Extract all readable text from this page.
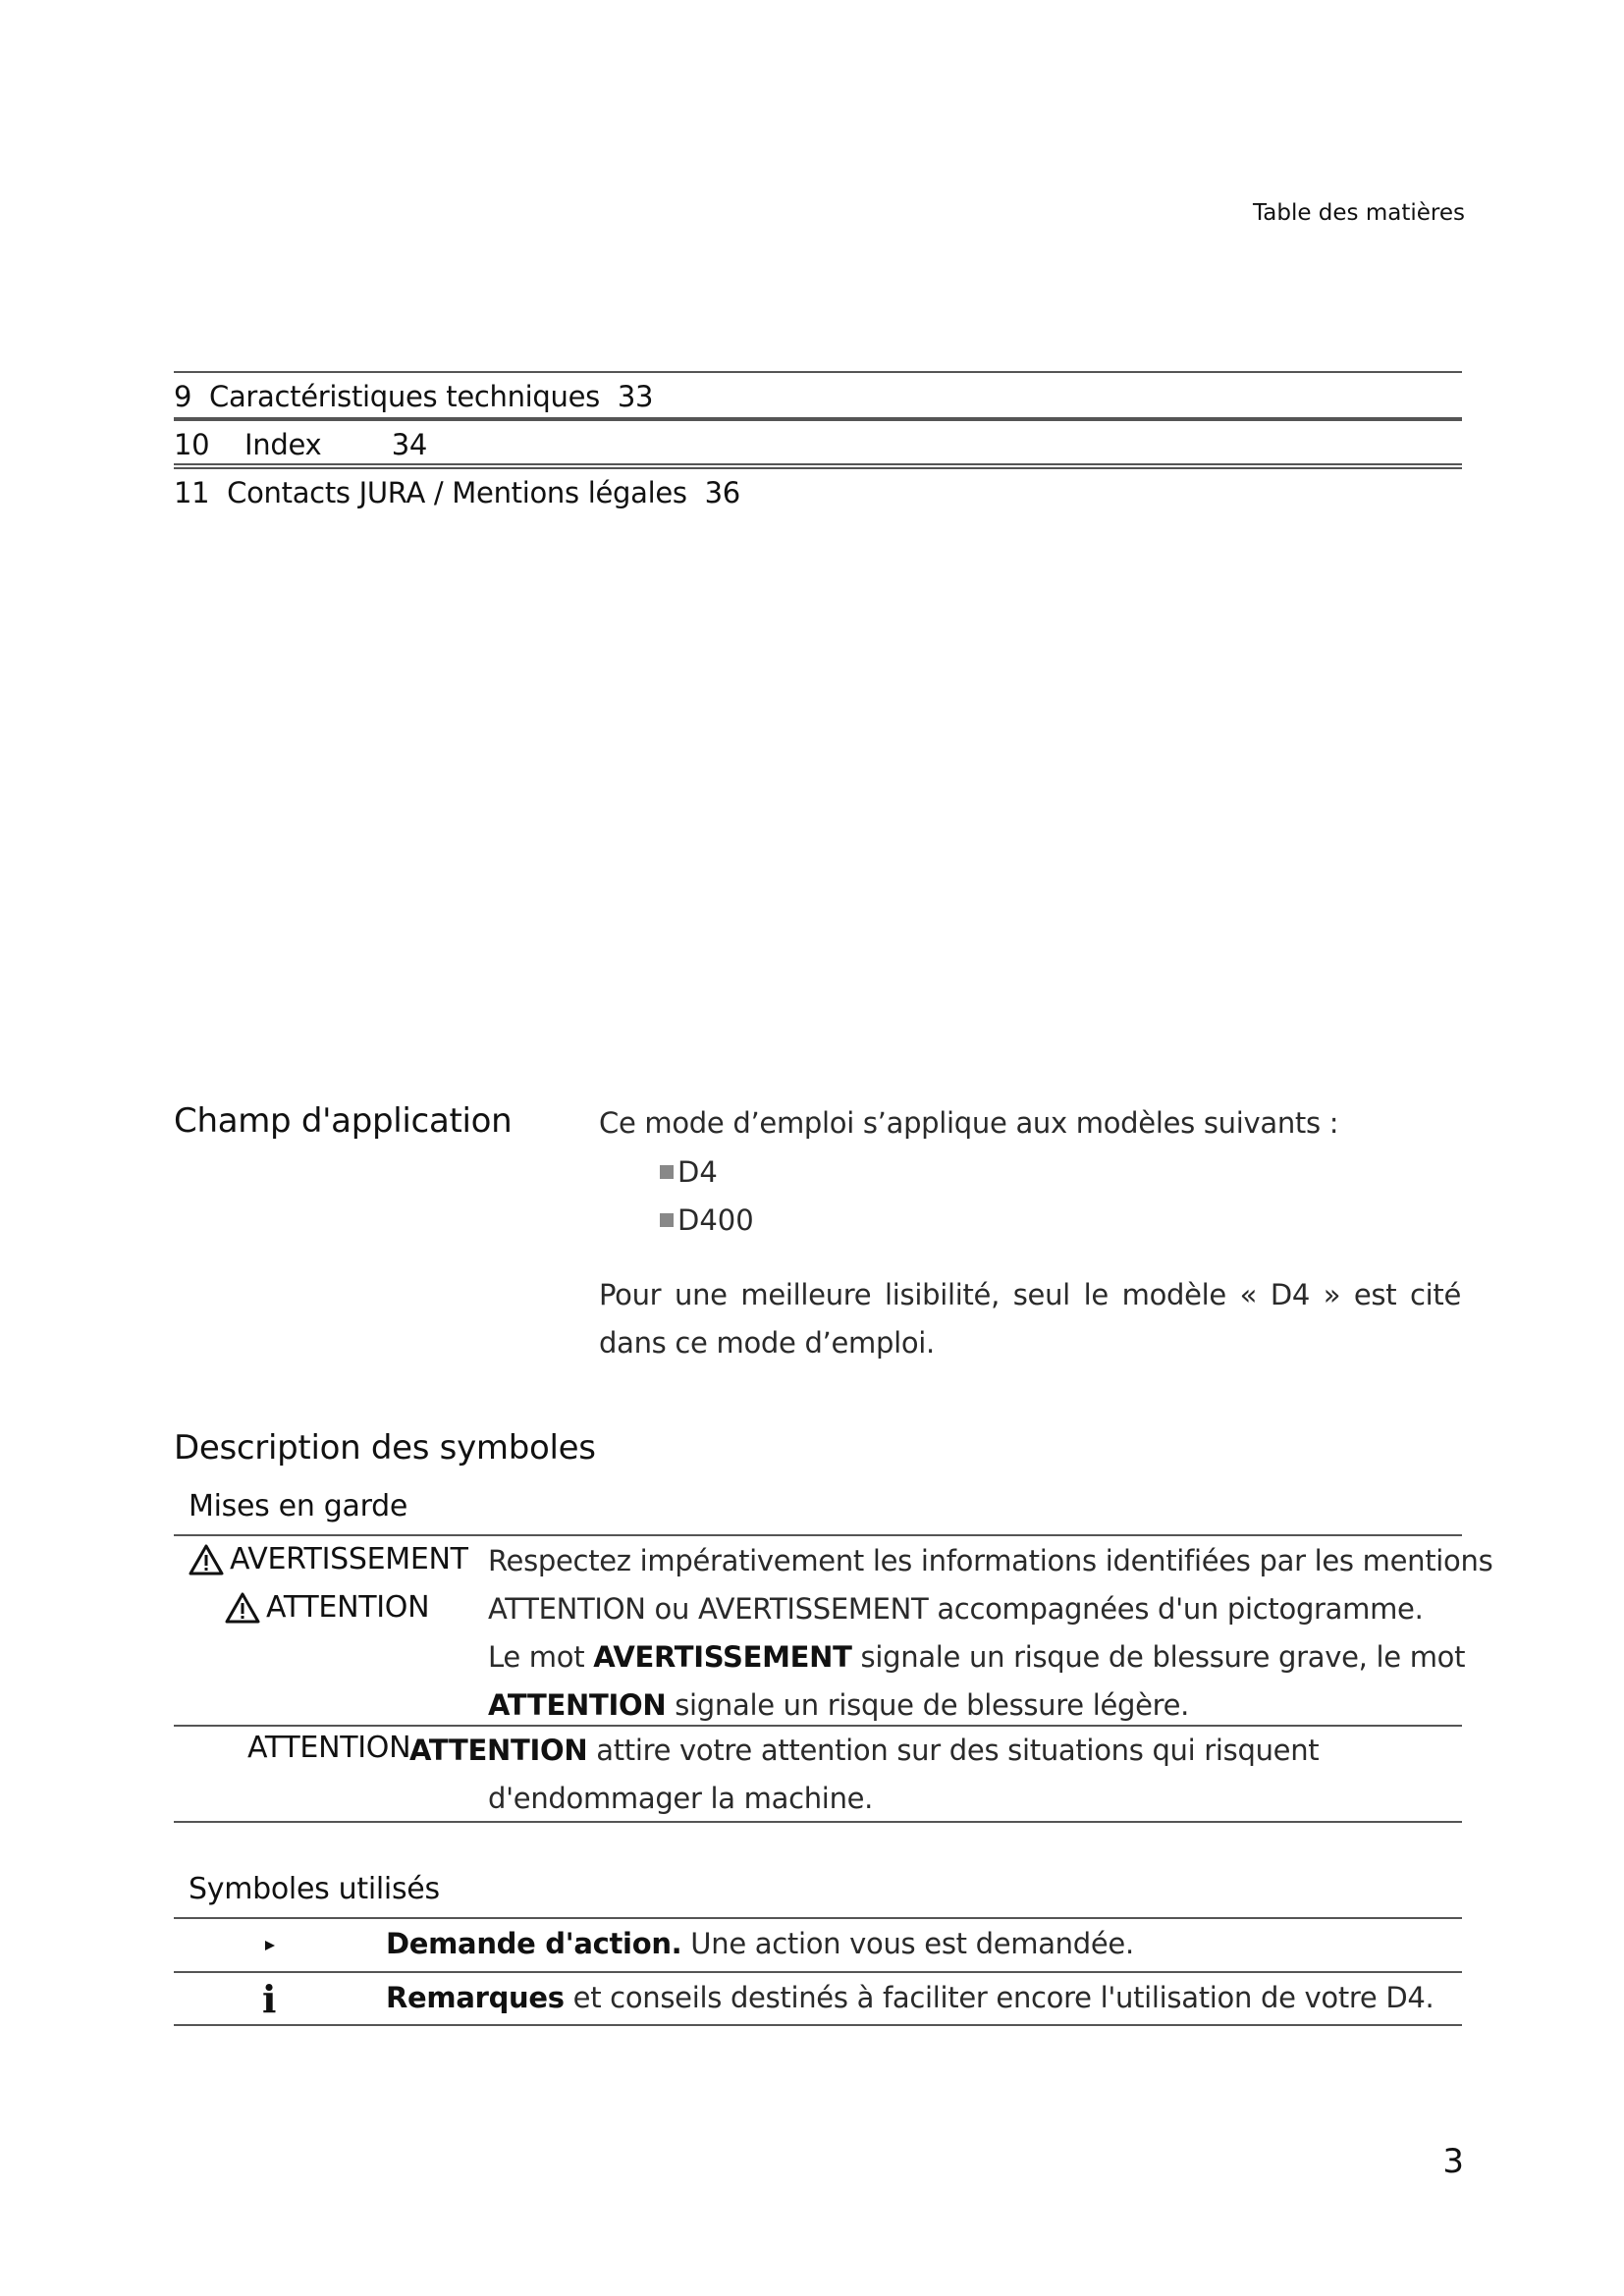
Table des matières
9
Caractéristiques techniques
33
10
Index
34
11
Contacts JURA / Mentions légales
36
Champ d'application	Ce mode d’emploi s’applique aux modèles suivants :
D4
D400
Pour une meilleure lisibilité, seul le modèle « D4 » est cité dans ce mode d’emploi.
Description des symboles
Mises en garde
AVERTISSEMENT
ATTENTION
Respectez impérativement les informations identifiées par les mentions
ATTENTION ou AVERTISSEMENT accompagnées d'un pictogramme.
Le mot AVERTISSEMENT signale un risque de blessure grave, le mot
ATTENTION signale un risque de blessure légère.
ATTENTION
ATTENTION attire votre attention sur des situations qui risquent
d'endommager la machine.
Symboles utilisés
Demande d'action. Une action vous est demandée.
i	Remarques et conseils destinés à faciliter encore l'utilisation de votre D4.
3
